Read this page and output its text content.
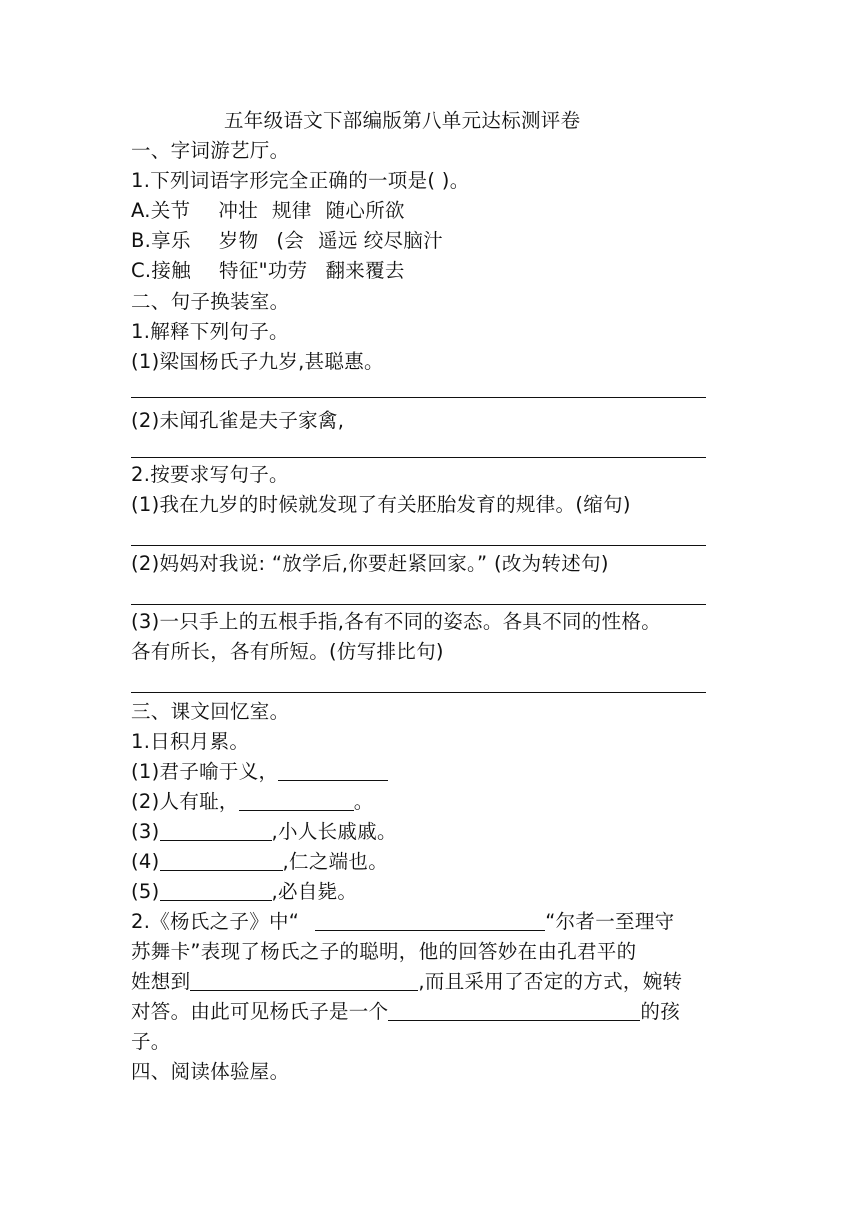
五年级语文下部编版第八单元达标测评卷
一、字词游艺厅。
1.下列词语字形完全正确的一项是( )。
A.关节 冲壮 规律 随心所欲
B.享乐 岁物 (会 遥远 绞尽脑汁
C.接触 特征"功劳 翻来覆去
二、句子换装室。
1.解释下列句子。
(1)梁国杨氏子九岁,甚聪惠。
(2)未闻孔雀是夫子家禽,
2.按要求写句子。
(1)我在九岁的时候就发现了有关胚胎发育的规律。(缩句)
(2)妈妈对我说: “放学后,你要赶紧回家。” (改为转述句)
(3)一只手上的五根手指,各有不同的姿态。各具不同的性格。
各有所长，各有所短。(仿写排比句)
三、课文回忆室。
1.日积月累。
(1)君子喻于义，
(2)人有耻，	。
(3)	,小人长戚戚。
(4)	,仁之端也。
(5)	,必自毙。
2.《杨氏之子》中“	“尔者一至理守
苏舞卡”表现了杨氏之子的聪明，他的回答妙在由孔君平的
姓想到	,而且采用了否定的方式，婉转
对答。由此可见杨氏子是一个	的孩
子。
四、阅读体验屋。
